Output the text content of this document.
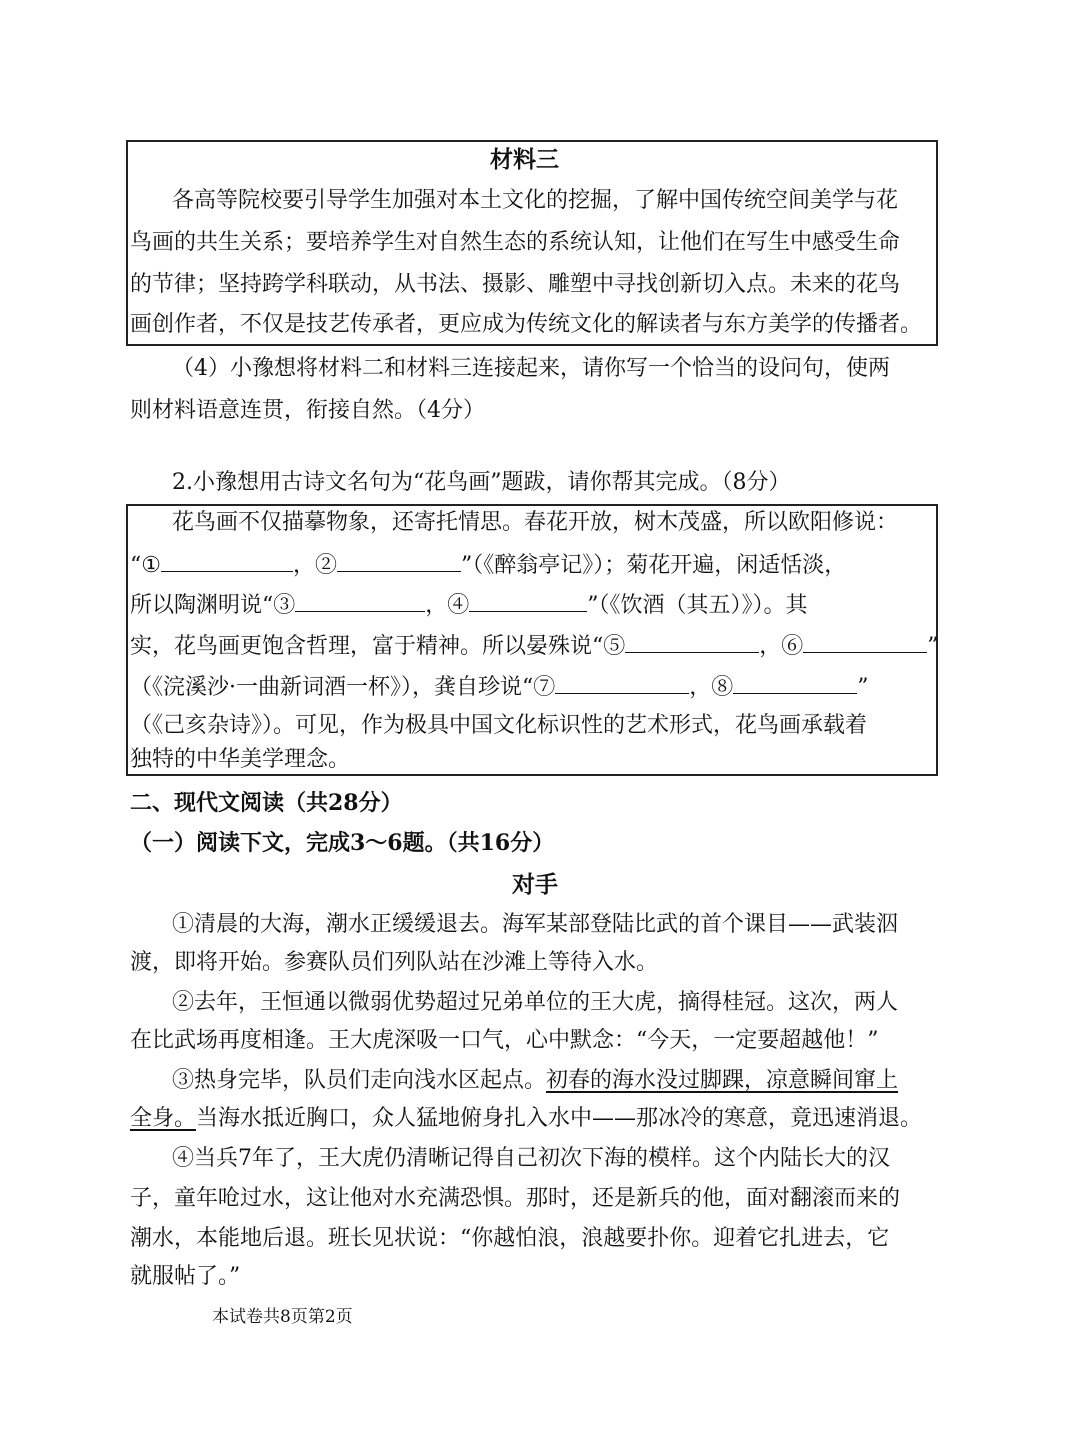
材料三
各高等院校要引导学生加强对本土文化的挖掘，了解中国传统空间美学与花
鸟画的共生关系；要培养学生对自然生态的系统认知，让他们在写生中感受生命
的节律；坚持跨学科联动，从书法、摄影、雕塑中寻找创新切入点。未来的花鸟
画创作者，不仅是技艺传承者，更应成为传统文化的解读者与东方美学的传播者。
（4）小豫想将材料二和材料三连接起来，请你写一个恰当的设问句，使两
则材料语意连贯，衔接自然。（4分）
2.小豫想用古诗文名句为“花鸟画”题跋，请你帮其完成。（8分）
花鸟画不仅描摹物象，还寄托情思。春花开放，树木茂盛，所以欧阳修说：
“①	，②	”（《醉翁亭记》）；菊花开遍，闲适恬淡，
所以陶渊明说“③	，④	”（《饮酒（其五）》）。其
实，花鸟画更饱含哲理，富于精神。所以晏殊说“⑤	，⑥	”
（《浣溪沙·一曲新词酒一杯》），龚自珍说“⑦	，⑧	”
（《己亥杂诗》）。可见，作为极具中国文化标识性的艺术形式，花鸟画承载着
独特的中华美学理念。
二、现代文阅读（共28分）
（一）阅读下文，完成3～6题。（共16分）
对手
①清晨的大海，潮水正缓缓退去。海军某部登陆比武的首个课目——武装泅
渡，即将开始。参赛队员们列队站在沙滩上等待入水。
②去年，王恒通以微弱优势超过兄弟单位的王大虎，摘得桂冠。这次，两人
在比武场再度相逢。王大虎深吸一口气，心中默念：“今天，一定要超越他！”
③热身完毕，队员们走向浅水区起点。初春的海水没过脚踝，凉意瞬间窜上
全身。当海水抵近胸口，众人猛地俯身扎入水中——那冰冷的寒意，竟迅速消退。
④当兵7年了，王大虎仍清晰记得自己初次下海的模样。这个内陆长大的汉
子，童年呛过水，这让他对水充满恐惧。那时，还是新兵的他，面对翻滚而来的
潮水，本能地后退。班长见状说：“你越怕浪，浪越要扑你。迎着它扎进去，它
就服帖了。”
本试卷共8页第2页
